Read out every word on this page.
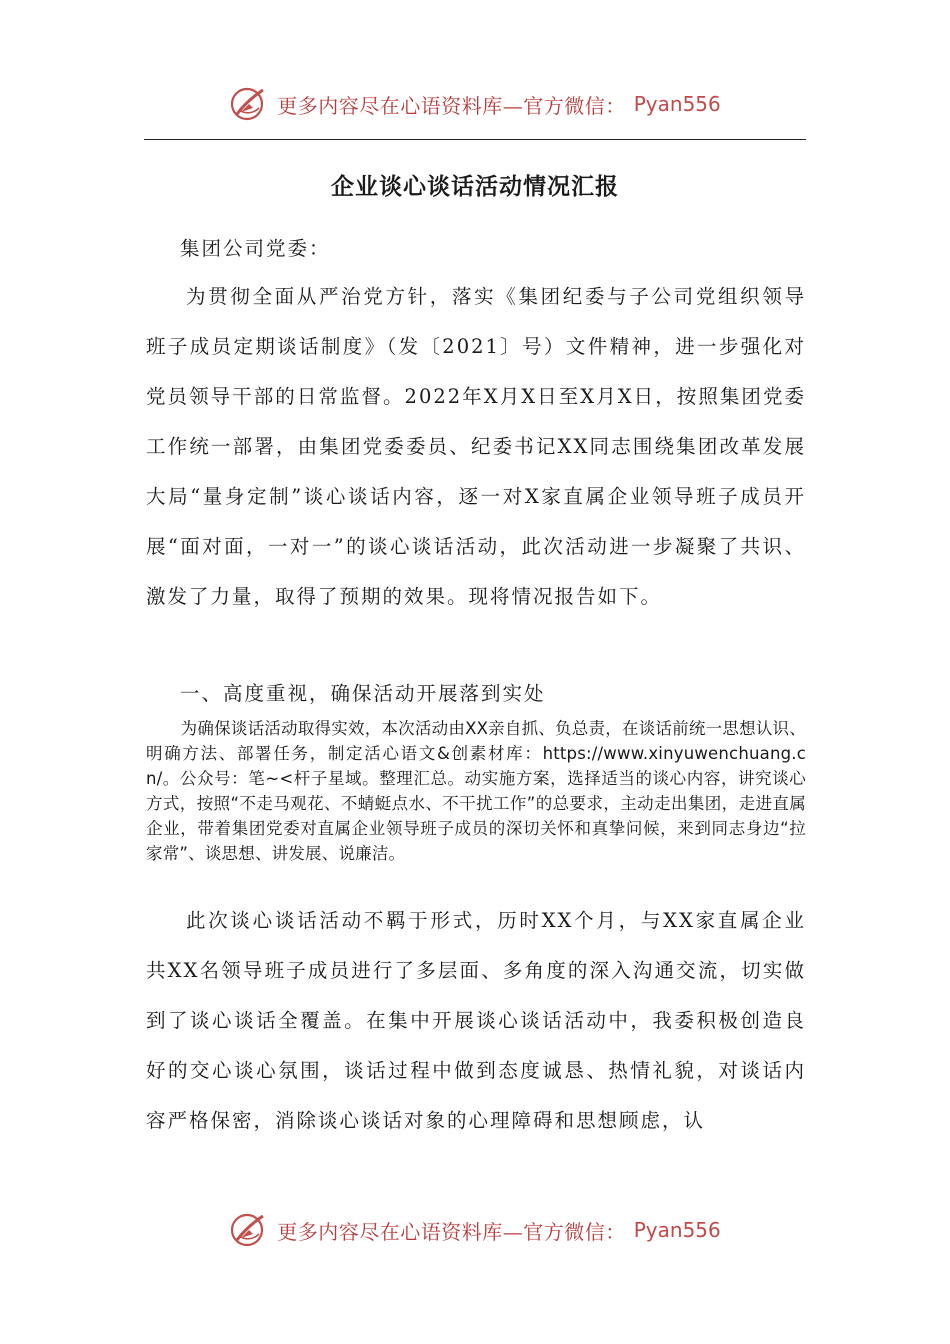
更多内容尽在心语资料库—官方微信： Pyan556
企业谈心谈话活动情况汇报

集团公司党委：

为贯彻全面从严治党方针，落实《集团纪委与子公司党组织领导班子成员定期谈话制度》（发〔2021〕号）文件精神，进一步强化对党员领导干部的日常监督。2022年X月X日至X月X日，按照集团党委工作统一部署，由集团党委委员、纪委书记XX同志围绕集团改革发展大局“量身定制”谈心谈话内容，逐一对X家直属企业领导班子成员开展“面对面，一对一”的谈心谈话活动，此次活动进一步凝聚了共识、激发了力量，取得了预期的效果。现将情况报告如下。

一、高度重视，确保活动开展落到实处

为确保谈话活动取得实效，本次活动由XX亲自抓、负总责，在谈话前统一思想认识、明确方法、部署任务，制定活心语文&创素材库：https://www.xinyuwenchuang.cn/。公众号：笔~<杆子星域。整理汇总。动实施方案，选择适当的谈心内容，讲究谈心方式，按照“不走马观花、不蜻蜓点水、不干扰工作”的总要求，主动走出集团，走进直属企业，带着集团党委对直属企业领导班子成员的深切关怀和真挚问候，来到同志身边“拉家常”、谈思想、讲发展、说廉洁。

此次谈心谈话活动不羁于形式，历时XX个月，与XX家直属企业共XX名领导班子成员进行了多层面、多角度的深入沟通交流，切实做到了谈心谈话全覆盖。在集中开展谈心谈话活动中，我委积极创造良好的交心谈心氛围，谈话过程中做到态度诚恳、热情礼貌，对谈话内容严格保密，消除谈心谈话对象的心理障碍和思想顾虑，认

更多内容尽在心语资料库—官方微信： Pyan556
